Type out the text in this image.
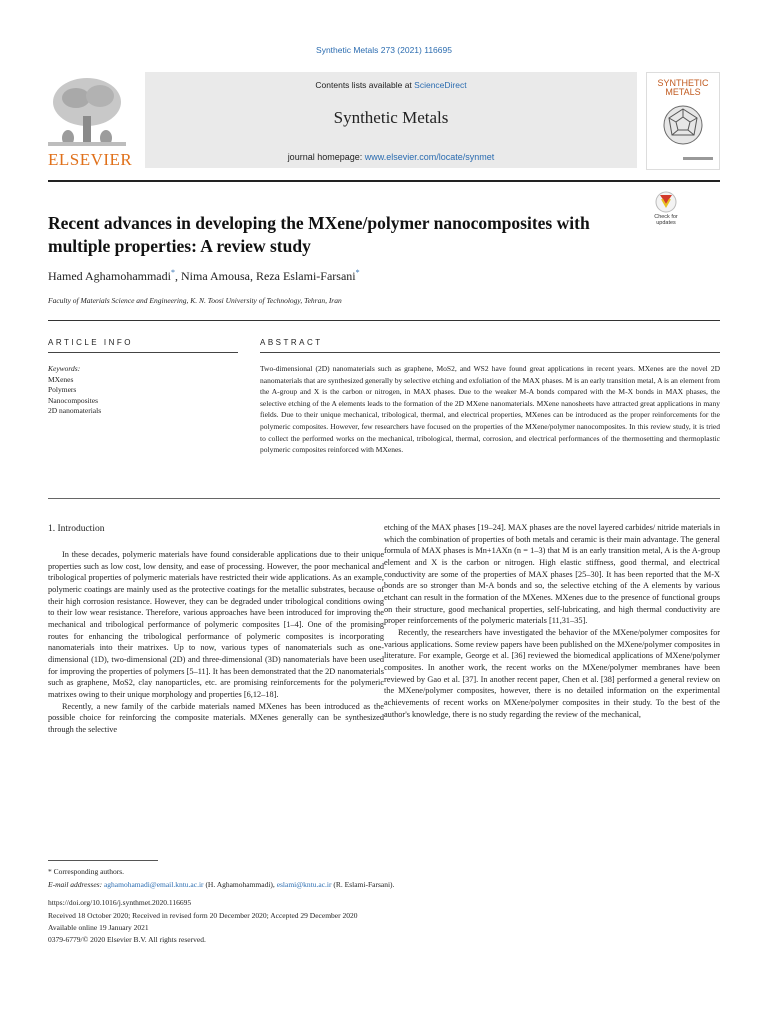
Synthetic Metals 273 (2021) 116695
ELSEVIER
Contents lists available at ScienceDirect
Synthetic Metals
journal homepage: www.elsevier.com/locate/synmet
SYNTHETIC
METALS
Recent advances in developing the MXene/polymer nanocomposites with multiple properties: A review study
Check for
updates
Hamed Aghamohammadi*, Nima Amousa, Reza Eslami-Farsani*
Faculty of Materials Science and Engineering, K. N. Toosi University of Technology, Tehran, Iran
ARTICLE INFO	ABSTRACT
Keywords:
MXenes
Polymers
Nanocomposites
2D nanomaterials
Two-dimensional (2D) nanomaterials such as graphene, MoS2, and WS2 have found great applications in recent years. MXenes are the novel 2D nanomaterials that are synthesized generally by selective etching and exfoliation of the MAX phases. M is an early transition metal, A is an element from the A-group and X is the carbon or nitrogen, in MAX phases. Due to the weaker M-A bonds compared with the M-X bonds in MAX phases, the selective etching of the A elements leads to the formation of the 2D MXene nanomaterials. MXene nanosheets have attracted great applications in many fields. Due to their unique mechanical, tribological, thermal, and electrical properties, MXenes can be introduced as the proper reinforcements for the polymeric composites. However, few researchers have focused on the properties of the MXene/polymer nanocomposites. In this review study, it is tried to collect the performed works on the mechanical, tribological, thermal, corrosion, and electrical performances of the thermosetting and thermoplastic polymeric composites reinforced with MXenes.
1. Introduction

In these decades, polymeric materials have found considerable applications due to their unique properties such as low cost, low density, and ease of processing. However, the poor mechanical and tribological properties of polymeric materials have restricted their wide applications. As an example, polymeric coatings are mainly used as the protective coatings for the metallic substrates, because of their high corrosion resistance. However, they can be degraded under tribological conditions owing to their low wear resistance. Therefore, various approaches have been introduced for improving the mechanical and tribological performance of polymeric composites [1–4]. One of the promising routes for enhancing the tribological performance of polymeric composites is incorporating nanomaterials into their matrixes. Up to now, various types of nanomaterials such as one-dimensional (1D), two-dimensional (2D) and three-dimensional (3D) nanomaterials have been used for improving the properties of polymers [5–11]. It has been demonstrated that the 2D nanomaterials such as graphene, MoS2, clay nanoparticles, etc. are promising reinforcements for the polymeric matrixes owing to their unique morphology and properties [6,12–18].

Recently, a new family of the carbide materials named MXenes has been introduced as the possible choice for reinforcing the composite materials. MXenes generally can be synthesized through the selective

etching of the MAX phases [19–24]. MAX phases are the novel layered carbides/ nitride materials in which the combination of properties of both metals and ceramic is their main advantage. The general formula of MAX phases is Mn+1AXn (n = 1–3) that M is an early transition metal, A is the A-group element and X is the carbon or nitrogen. High elastic stiffness, good thermal, and electrical conductivity are some of the properties of MAX phases [25–30]. It has been reported that the M-X bonds are so stronger than M-A bonds and so, the selective etching of the A elements by various etchant can result in the formation of the MXenes. MXenes due to the presence of functional groups on their structure, good mechanical properties, self-lubricating, and high thermal conductivity are proper reinforcements of the polymeric materials [11,31–35].

Recently, the researchers have investigated the behavior of the MXene/polymer composites for various applications. Some review papers have been published on the MXene/polymer composites in literature. For example, George et al. [36] reviewed the biomedical applications of MXene/polymer composites. In another work, the recent works on the MXene/polymer membranes have been reviewed by Gao et al. [37]. In another recent paper, Chen et al. [38] performed a general review on the MXene/polymer composites, however, there is no detailed information on the experimental achievements of recent works on MXene/polymer composites in their study. To the best of the author's knowledge, there is no study regarding the review of the mechanical,

* Corresponding authors.
E-mail addresses: aghamohamadi@email.kntu.ac.ir (H. Aghamohammadi), eslami@kntu.ac.ir (R. Eslami-Farsani).
https://doi.org/10.1016/j.synthmet.2020.116695
Received 18 October 2020; Received in revised form 20 December 2020; Accepted 29 December 2020
Available online 19 January 2021
0379-6779/© 2020 Elsevier B.V. All rights reserved.
